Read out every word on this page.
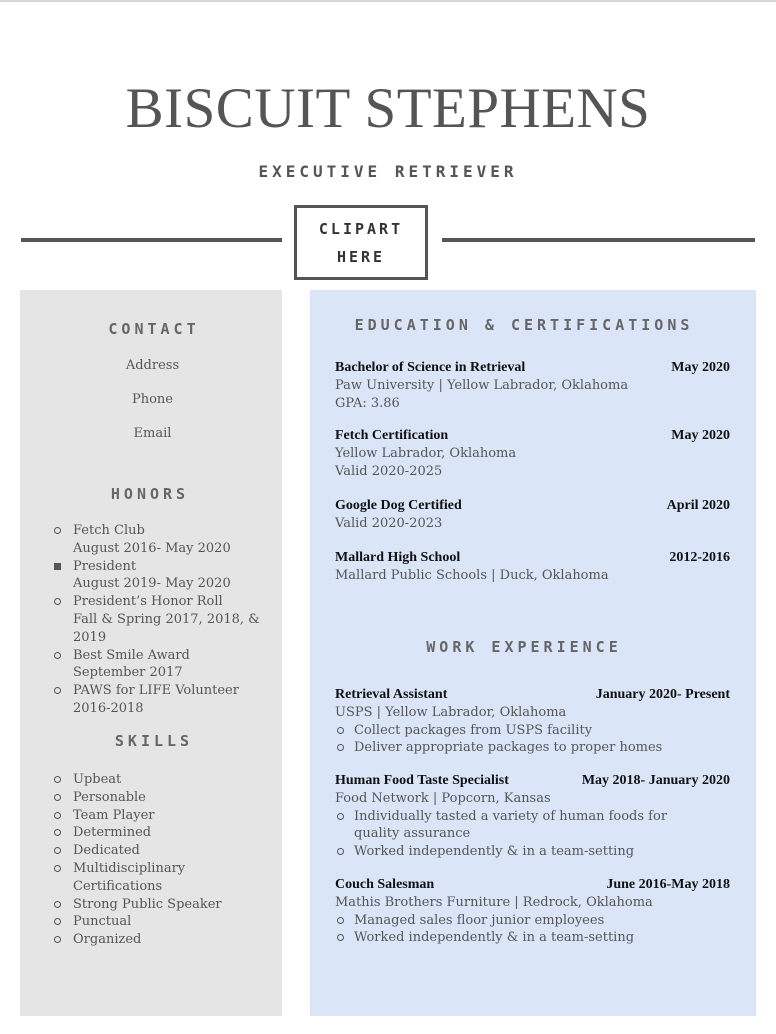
BISCUIT STEPHENS
EXECUTIVE RETRIEVER
CLIPART
HERE
CONTACT
Address
Phone
Email
HONORS
Fetch Club
August 2016- May 2020
President
August 2019- May 2020
President’s Honor Roll
Fall & Spring 2017, 2018, &
2019
Best Smile Award
September 2017
PAWS for LIFE Volunteer
2016-2018
SKILLS
Upbeat
Personable
Team Player
Determined
Dedicated
Multidisciplinary
Certifications
Strong Public Speaker
Punctual
Organized
EDUCATION & CERTIFICATIONS
Bachelor of Science in Retrieval	May 2020
Paw University | Yellow Labrador, Oklahoma
GPA: 3.86
Fetch Certification	May 2020
Yellow Labrador, Oklahoma
Valid 2020-2025
Google Dog Certified	April 2020
Valid 2020-2023
Mallard High School	2012-2016
Mallard Public Schools | Duck, Oklahoma
WORK EXPERIENCE
Retrieval Assistant	January 2020- Present
USPS | Yellow Labrador, Oklahoma
Collect packages from USPS facility
Deliver appropriate packages to proper homes
Human Food Taste Specialist	May 2018- January 2020
Food Network | Popcorn, Kansas
Individually tasted a variety of human foods for
quality assurance
Worked independently & in a team-setting
Couch Salesman	June 2016-May 2018
Mathis Brothers Furniture | Redrock, Oklahoma
Managed sales floor junior employees
Worked independently & in a team-setting
